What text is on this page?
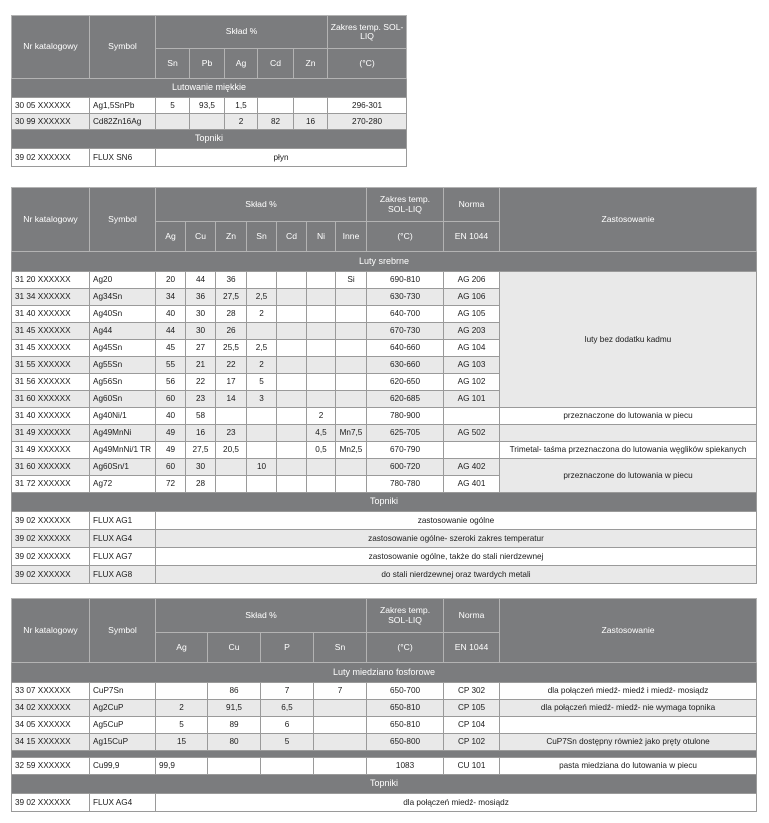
Nr katalogowy	Symbol	Skład %					Zakres temp. SOL-LIQ
		Sn	Pb	Ag	Cd	Zn	(°C)
Lutowanie miękkie							
30 05 XXXXXX	Ag1,5SnPb	5	93,5	1,5			296-301
30 99 XXXXXX	Cd82Zn16Ag			2	82	16	270-280
Topniki							
39 02 XXXXXX	FLUX SN6	płyn					
Nr katalogowy	Symbol	Skład %							Zakres temp. SOL-LIQ	Norma	Zastosowanie
		Ag	Cu	Zn	Sn	Cd	Ni	Inne	(°C)	EN 1044	
Luty srebrne											
31 20 XXXXXX	Ag20	20	44	36				Si	690-810	AG 206	luty bez dodatku kadmu
31 34 XXXXXX	Ag34Sn	34	36	27,5	2,5				630-730	AG 106	
31 40 XXXXXX	Ag40Sn	40	30	28	2				640-700	AG 105	
31 45 XXXXXX	Ag44	44	30	26					670-730	AG 203	
31 45 XXXXXX	Ag45Sn	45	27	25,5	2,5				640-660	AG 104	
31 55 XXXXXX	Ag55Sn	55	21	22	2				630-660	AG 103	
31 56 XXXXXX	Ag56Sn	56	22	17	5				620-650	AG 102	
31 60 XXXXXX	Ag60Sn	60	23	14	3				620-685	AG 101	
31 40 XXXXXX	Ag40Ni/1	40	58				2		780-900		przeznaczone do lutowania w piecu
31 49 XXXXXX	Ag49MnNi	49	16	23			4,5	Mn7,5	625-705	AG 502	
31 49 XXXXXX	Ag49MnNi/1 TR	49	27,5	20,5			0,5	Mn2,5	670-790		Trimetal- taśma przeznaczona do lutowania węglików spiekanych
31 60 XXXXXX	Ag60Sn/1	60	30		10				600-720	AG 402	przeznaczone do lutowania w piecu
31 72 XXXXXX	Ag72	72	28						780-780	AG 401	
Topniki											
39 02 XXXXXX	FLUX AG1	zastosowanie ogólne									
39 02 XXXXXX	FLUX AG4	zastosowanie ogólne- szeroki zakres temperatur									
39 02 XXXXXX	FLUX AG7	zastosowanie ogólne, także do stali nierdzewnej									
39 02 XXXXXX	FLUX AG8	do stali nierdzewnej oraz twardych metali									
Nr katalogowy	Symbol	Skład %				Zakres temp. SOL-LIQ	Norma	Zastosowanie
		Ag	Cu	P	Sn	(°C)	EN 1044	
Luty miedziano fosforowe								
33 07 XXXXXX	CuP7Sn		86	7	7	650-700	CP 302	dla połączeń miedź- miedź i miedź- mosiądz
34 02 XXXXXX	Ag2CuP	2	91,5	6,5		650-810	CP 105	dla połączeń miedź- miedź- nie wymaga topnika
34 05 XXXXXX	Ag5CuP	5	89	6		650-810	CP 104	
34 15 XXXXXX	Ag15CuP	15	80	5		650-800	CP 102	CuP7Sn dostępny również jako pręty otulone

32 59 XXXXXX	Cu99,9	99,9				1083	CU 101	pasta miedziana do lutowania w piecu
Topniki								
39 02 XXXXXX	FLUX AG4	dla połączeń miedź- mosiądz						
